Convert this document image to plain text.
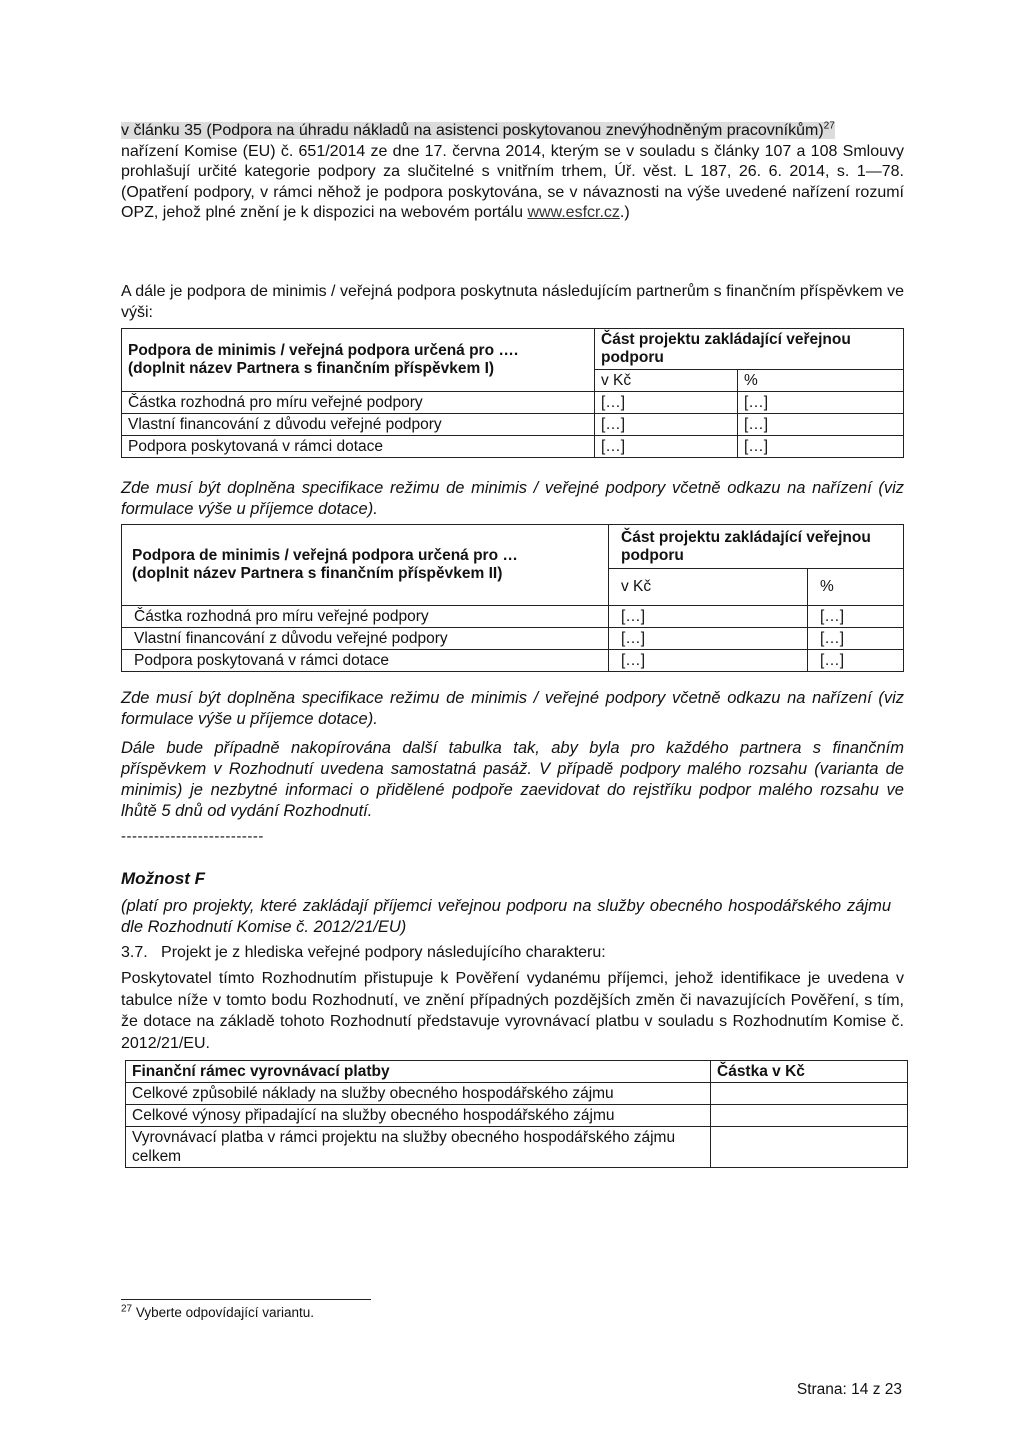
v článku 35 (Podpora na úhradu nákladů na asistenci poskytovanou znevýhodněným pracovníkům)$^{27}$
nařízení Komise (EU) č. 651/2014 ze dne 17. června 2014, kterým se v souladu s články 107 a 108 Smlouvy prohlašují určité kategorie podpory za slučitelné s vnitřním trhem, Úř. věst. L 187, 26. 6. 2014, s. 1—78. (Opatření podpory, v rámci něhož je podpora poskytována, se v návaznosti na výše uvedené nařízení rozumí OPZ, jehož plné znění je k dispozici na webovém portálu www.esfcr.cz.)

A dále je podpora de minimis / veřejná podpora poskytnuta následujícím partnerům s finančním příspěvkem ve výši:

Podpora de minimis / veřejná podpora určená pro ….
(doplnit název Partnera s finančním příspěvkem I)	Část projektu zakládající veřejnou podporu	
	v Kč	%
Částka rozhodná pro míru veřejné podpory	[…]	[…]
Vlastní financování z důvodu veřejné podpory	[…]	[…]
Podpora poskytovaná v rámci dotace	[…]	[…]

Zde musí být doplněna specifikace režimu de minimis / veřejné podpory včetně odkazu na nařízení (viz formulace výše u příjemce dotace).

Podpora de minimis / veřejná podpora určená pro …
(doplnit název Partnera s finančním příspěvkem II)	Část projektu zakládající veřejnou podporu	
	v Kč	%
Částka rozhodná pro míru veřejné podpory	[…]	[…]
Vlastní financování z důvodu veřejné podpory	[…]	[…]
Podpora poskytovaná v rámci dotace	[…]	[…]

Zde musí být doplněna specifikace režimu de minimis / veřejné podpory včetně odkazu na nařízení (viz formulace výše u příjemce dotace).

Dále bude případně nakopírována další tabulka tak, aby byla pro každého partnera s finančním příspěvkem v Rozhodnutí uvedena samostatná pasáž. V případě podpory malého rozsahu (varianta de minimis) je nezbytné informaci o přidělené podpoře zaevidovat do rejstříku podpor malého rozsahu ve lhůtě 5 dnů od vydání Rozhodnutí.

--------------------------
Možnost F

(platí pro projekty, které zakládají příjemci veřejnou podporu na služby obecného hospodářského zájmu dle Rozhodnutí Komise č. 2012/21/EU)

3.7.   Projekt je z hlediska veřejné podpory následujícího charakteru:

Poskytovatel tímto Rozhodnutím přistupuje k Pověření vydanému příjemci, jehož identifikace je uvedena v tabulce níže v tomto bodu Rozhodnutí, ve znění případných pozdějších změn či navazujících Pověření, s tím, že dotace na základě tohoto Rozhodnutí představuje vyrovnávací platbu v souladu s Rozhodnutím Komise č. 2012/21/EU.

Finanční rámec vyrovnávací platby	Částka v Kč
Celkové způsobilé náklady na služby obecného hospodářského zájmu	
Celkové výnosy připadající na služby obecného hospodářského zájmu	
Vyrovnávací platba v rámci projektu na služby obecného hospodářského zájmu celkem	
$^{27}$ Vyberte odpovídající variantu.
Strana: 14 z 23
